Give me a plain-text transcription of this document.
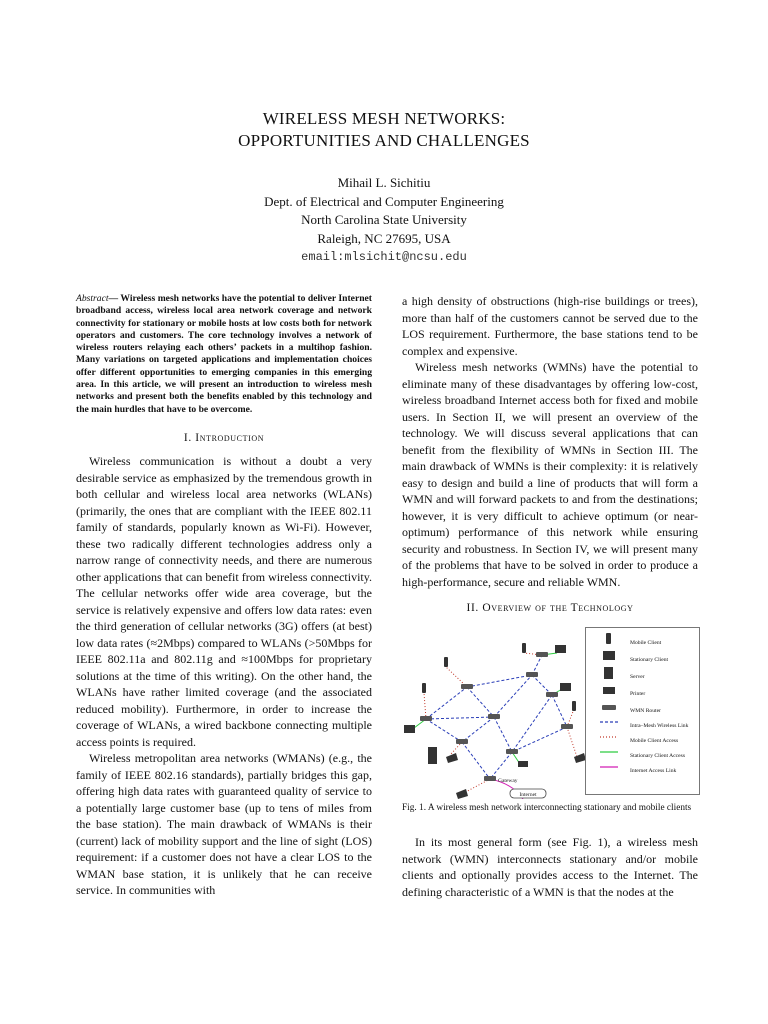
WIRELESS MESH NETWORKS:
OPPORTUNITIES AND CHALLENGES
Mihail L. Sichitiu
Dept. of Electrical and Computer Engineering
North Carolina State University
Raleigh, NC 27695, USA
email:mlsichit@ncsu.edu
Abstract— Wireless mesh networks have the potential to deliver Internet broadband access, wireless local area network coverage and network connectivity for stationary or mobile hosts at low costs both for network operators and customers. The core technology involves a network of wireless routers relaying each others’ packets in a multihop fashion. Many variations on targeted applications and implementation choices offer different opportunities to emerging companies in this emerging area. In this article, we will present an introduction to wireless mesh networks and present both the benefits enabled by this technology and the main hurdles that have to be overcome.
I. Introduction

Wireless communication is without a doubt a very desirable service as emphasized by the tremendous growth in both cellular and wireless local area networks (WLANs) (primarily, the ones that are compliant with the IEEE 802.11 family of standards, popularly known as Wi-Fi). However, these two radically different technologies address only a narrow range of connectivity needs, and there are numerous other applications that can benefit from wireless connectivity. The cellular networks offer wide area coverage, but the service is relatively expensive and offers low data rates: even the third generation of cellular networks (3G) offers (at best) low data rates (≈2Mbps) compared to WLANs (>50Mbps for IEEE 802.11a and 802.11g and ≈100Mbps for proprietary solutions at the time of this writing). On the other hand, the WLANs have rather limited coverage (and the associated reduced mobility). Furthermore, in order to increase the coverage of WLANs, a wired backbone connecting multiple access points is required.

Wireless metropolitan area networks (WMANs) (e.g., the family of IEEE 802.16 standards), partially bridges this gap, offering high data rates with guaranteed quality of service to a potentially large customer base (up to tens of miles from the base station). The main drawback of WMANs is their (current) lack of mobility support and the line of sight (LOS) requirement: if a customer does not have a clear LOS to the WMAN base station, it is unlikely that he can receive service. In communities with

a high density of obstructions (high-rise buildings or trees), more than half of the customers cannot be served due to the LOS requirement. Furthermore, the base stations tend to be complex and expensive.

Wireless mesh networks (WMNs) have the potential to eliminate many of these disadvantages by offering low-cost, wireless broadband Internet access both for fixed and mobile users. In Section II, we will present an overview of the technology. We will discuss several applications that can benefit from the flexibility of WMNs in Section III. The main drawback of WMNs is their complexity: it is relatively easy to design and build a line of products that will form a WMN and will forward packets to and from the destinations; however, it is very difficult to achieve optimum (or near-optimum) performance of this network while ensuring security and robustness. In Section IV, we will present many of the problems that have to be solved in order to produce a high-performance, secure and reliable WMN.

II. Overview of the Technology
Gateway
Internet
Mobile Client
Stationary Client
Server
Printer
WMN Router
Intra–Mesh Wireless Link
Mobile Client Access
Stationary Client Access
Internet Access Link

Fig. 1. A wireless mesh network interconnecting stationary and mobile clients

In its most general form (see Fig. 1), a wireless mesh network (WMN) interconnects stationary and/or mobile clients and optionally provides access to the Internet. The defining characteristic of a WMN is that the nodes at the
